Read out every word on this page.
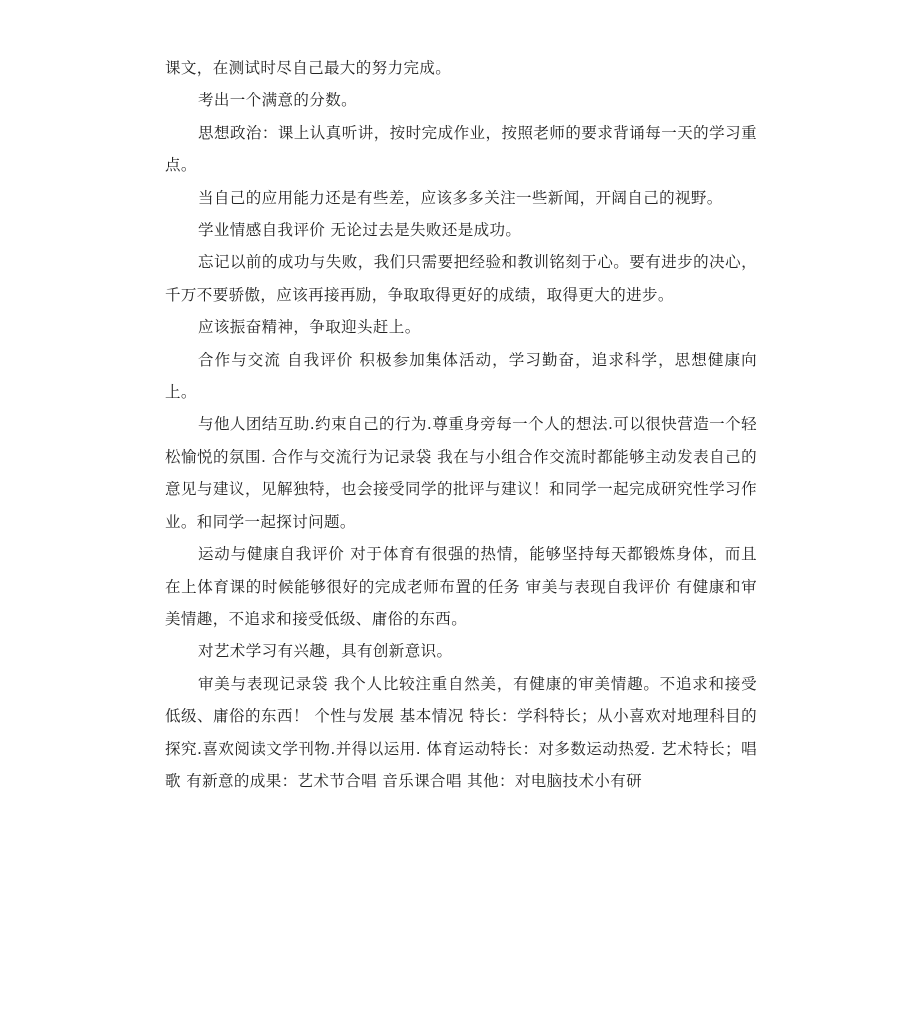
课文，在测试时尽自己最大的努力完成。

考出一个满意的分数。

思想政治：课上认真听讲，按时完成作业，按照老师的要求背诵每一天的学习重点。

当自己的应用能力还是有些差，应该多多关注一些新闻，开阔自己的视野。

学业情感自我评价 无论过去是失败还是成功。

忘记以前的成功与失败，我们只需要把经验和教训铭刻于心。要有进步的决心，千万不要骄傲，应该再接再励，争取取得更好的成绩，取得更大的进步。

应该振奋精神，争取迎头赶上。

合作与交流 自我评价 积极参加集体活动，学习勤奋，追求科学，思想健康向上。

与他人团结互助.约束自己的行为.尊重身旁每一个人的想法.可以很快营造一个轻松愉悦的氛围. 合作与交流行为记录袋 我在与小组合作交流时都能够主动发表自己的意见与建议，见解独特，也会接受同学的批评与建议！和同学一起完成研究性学习作业。和同学一起探讨问题。

运动与健康自我评价 对于体育有很强的热情，能够坚持每天都锻炼身体，而且在上体育课的时候能够很好的完成老师布置的任务 审美与表现自我评价 有健康和审美情趣，不追求和接受低级、庸俗的东西。

对艺术学习有兴趣，具有创新意识。

审美与表现记录袋 我个人比较注重自然美，有健康的审美情趣。不追求和接受低级、庸俗的东西！ 个性与发展 基本情况 特长：学科特长；从小喜欢对地理科目的探究.喜欢阅读文学刊物.并得以运用. 体育运动特长：对多数运动热爱. 艺术特长；唱歌 有新意的成果：艺术节合唱 音乐课合唱 其他：对电脑技术小有研
